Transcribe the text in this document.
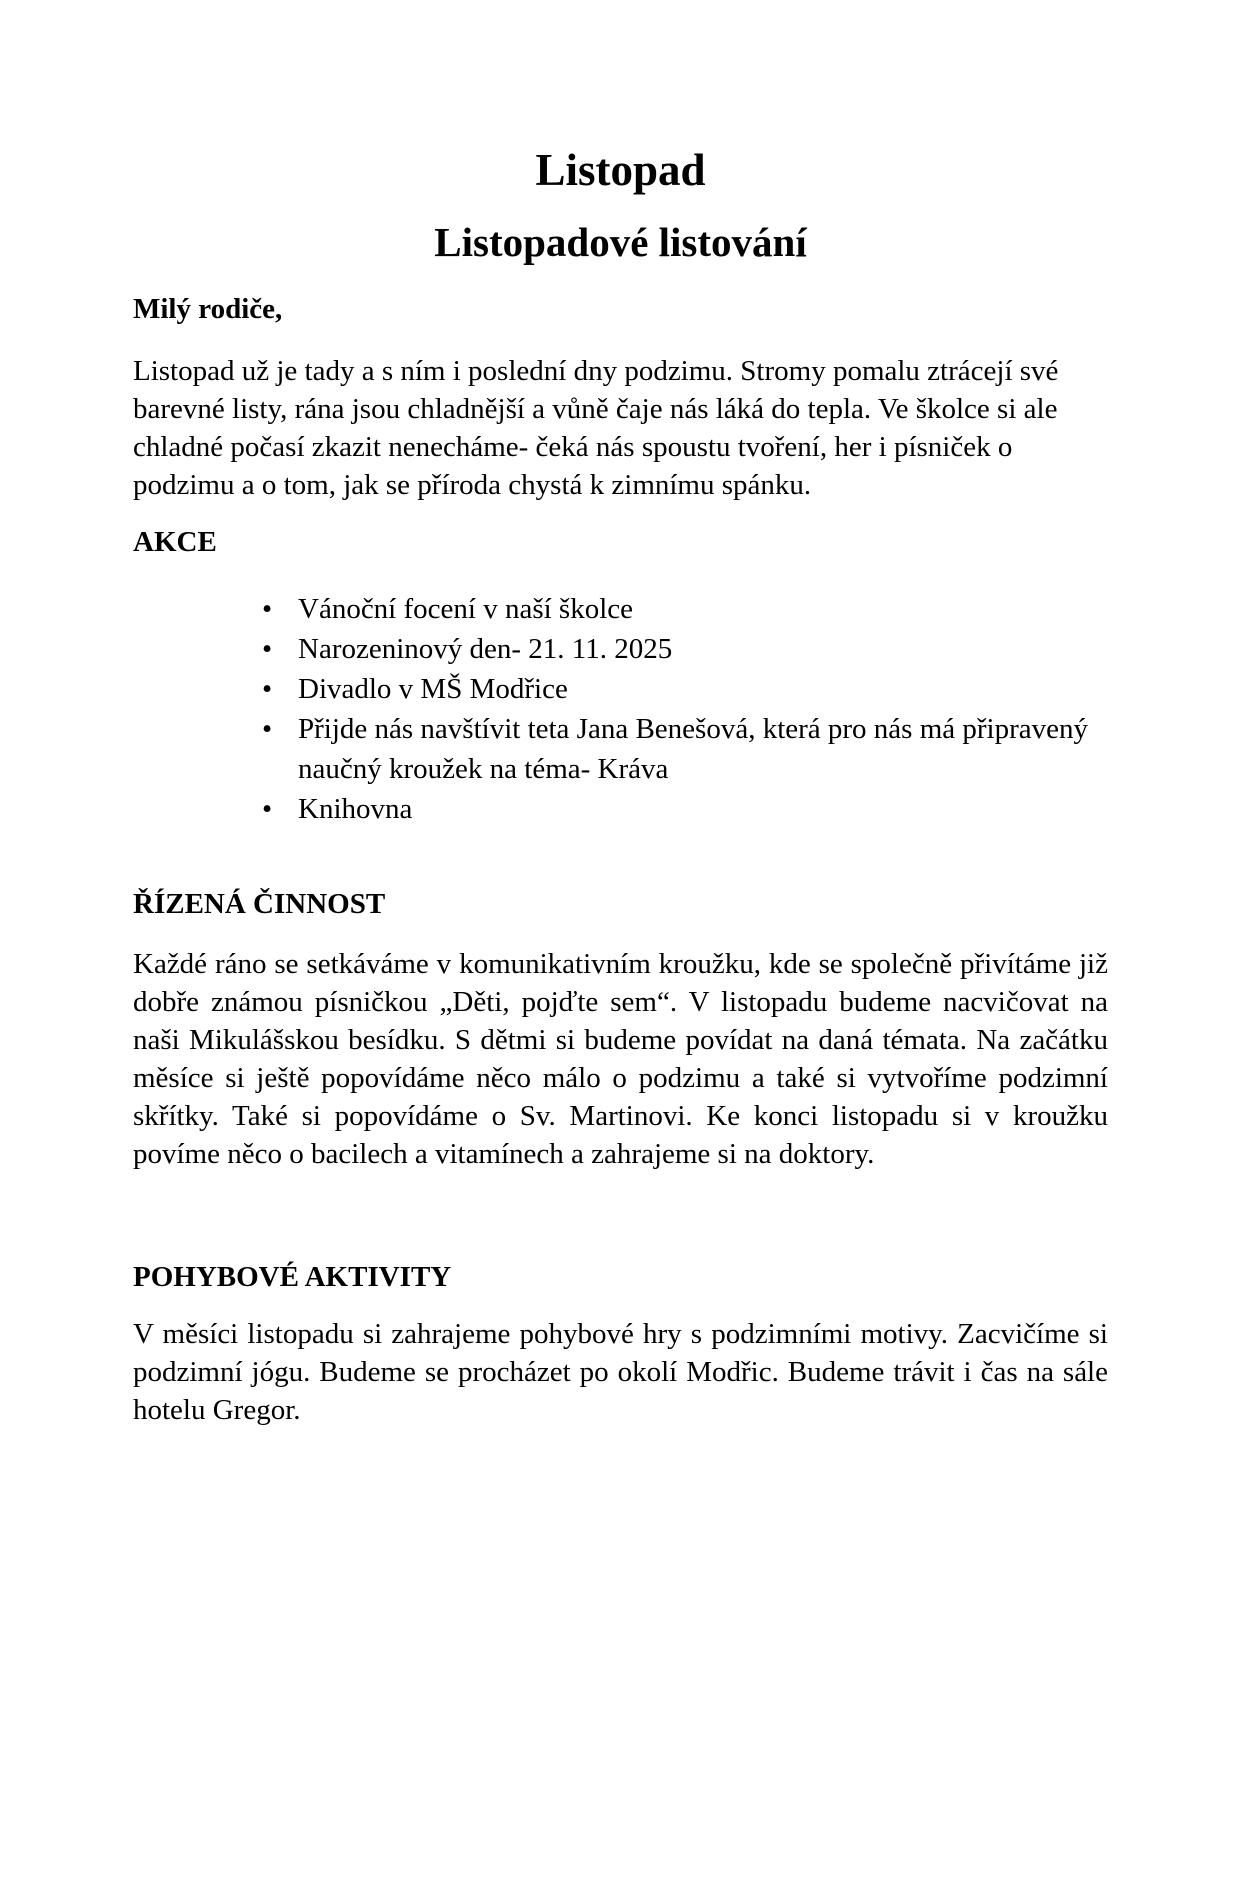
Listopad
Listopadové listování

Milý rodiče,

Listopad už je tady a s ním i poslední dny podzimu. Stromy pomalu ztrácejí své barevné listy, rána jsou chladnější a vůně čaje nás láká do tepla. Ve školce si ale chladné počasí zkazit nenecháme- čeká nás spoustu tvoření, her i písniček o podzimu a o tom, jak se příroda chystá k zimnímu spánku.

AKCE
• Vánoční focení v naší školce
• Narozeninový den- 21. 11. 2025
• Divadlo v MŠ Modřice
• Přijde nás navštívit teta Jana Benešová, která pro nás má připravený naučný kroužek na téma- Kráva
• Knihovna
ŘÍZENÁ ČINNOST

Každé ráno se setkáváme v komunikativním kroužku, kde se společně přivítáme již dobře známou písničkou „Děti, pojďte sem“. V listopadu budeme nacvičovat na naši Mikulášskou besídku. S dětmi si budeme povídat na daná témata. Na začátku měsíce si ještě popovídáme něco málo o podzimu a také si vytvoříme podzimní skřítky. Také si popovídáme o Sv. Martinovi. Ke konci listopadu si v kroužku povíme něco o bacilech a vitamínech a zahrajeme si na doktory.

POHYBOVÉ AKTIVITY

V měsíci listopadu si zahrajeme pohybové hry s podzimními motivy. Zacvičíme si podzimní jógu. Budeme se procházet po okolí Modřic. Budeme trávit i čas na sále hotelu Gregor.
